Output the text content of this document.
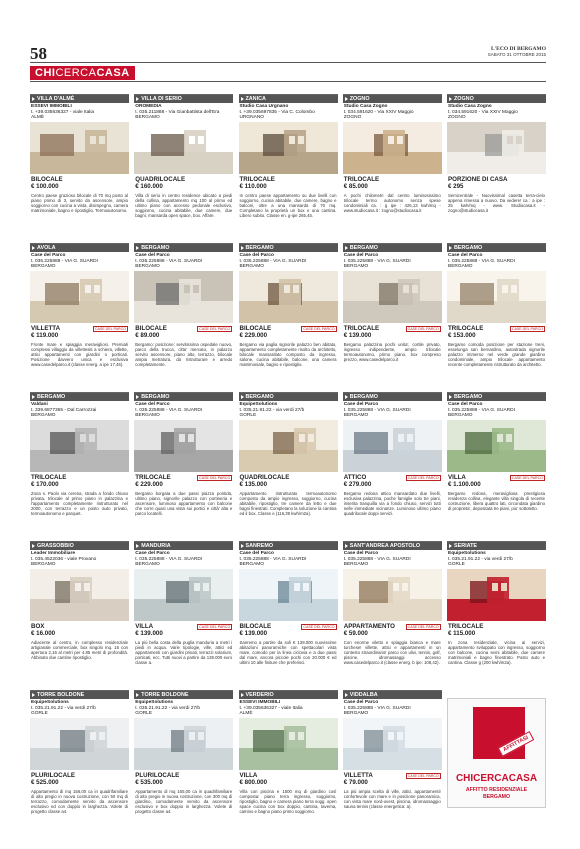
58	L'ECO DI BERGAMO
SABATO 31 OTTOBRE 2015
CHICERCACASA
VILLA D'ALMÈ
ESSEVI IMMOBILI
t. +39.035636327 - viale Italia
ALMÈ
BILOCALE
€ 100.000
Centro paese grazioso bilocale di 70 mq posto al piano primo di 3, servito da ascensore, ampio soggiorno con cucina a vista, disimpegno, camera matrimoniale, bagno e ripostiglio. Termoautonomo.
VILLA DI SERIO
OROMEDIA
t. 035.211888 - Via Gianbattista dell'Era
BERGAMO
QUADRILOCALE
€ 160.000
Villa di serio in centro residence ubicato a piedi della collina, appartamento mq 100 al primo ed ultimo piano con accesso pedonale esclusivo, soggiorno, cucina abitabile, due camere, due bagni, mansarda open space, box. Affare.
ZANICA
Studio Casa Urgnano
t. +39.035697835 - Via C. Colombo
URGNANO
TRILOCALE
€ 110.000
In centro paese appartamento su due livelli con soggiorno, cucina abitabile, due camere, bagno e balconi, oltre a una mansarda di 70 mq. Completano la proprietà un box e una cantina. Libero subito. Classe en. g-ipe 265,45.
ZOGNO
Studio Casa Zogno
t. 034.591620 - Via XXIV Maggio
ZOGNO
TRILOCALE
€ 85.000
A pochi chilometri dal centro luminosissimo trilocale termo autonomo senza spese condominiali ca. : g ipe : 426,13 kwh/mq - www.studiocasa.it : zogno@studiocasa.it
ZOGNO
Studio Casa Zogno
t. 034.591620 - Via XXIV Maggio
ZOGNO
PORZIONE DI CASA
€ 295
Semicentrale - Nuovissimal casetta terra-cielo appena rimessa a nuovo. Da vedere! ca : a ipe : 25 kwh/mq - www. Studiocasa.it - zogno@studiocasa.it
AVOLA
Case del Parco
t. 035.225888 - VIA G. SUARDI
BERGAMO
VILLETTA
€ 119.000
CASE DEL PARCO
Fronte mare e spiaggia meravigliosi. Premiati complessi villaggio da villettesiti a schiera, villette, attici appartamenti con giardini o porticati. Posizione davvero unica e esclusiva www.casedelparco.it (classe energ. a ipe 17,45).
BERGAMO
Case del Parco
t. 035.225888 - VIA G. SUARDI
BERGAMO
BILOCALE
€ 89.000
CASE DEL PARCO
Bergamo: posizione: servitissima ospedale nuovo, parco della trucca, citta' mercato, in palazzo servito ascensore, piano alto, terrazzo, bilocale ampia metratura, da ristrutturare e arredo completamente.
BERGAMO
Case del Parco
t. 035.225888 - VIA G. SUARDI
BERGAMO
BILOCALE
€ 229.000
CASE DEL PARCO
Bergamo via paglia signorile palazzo ben abitato, appartamento completamente risolto da architetto, bilocale mansardato composto da ingresso, salone, cucina abitabile, balcone, una camera matrimoniale, bagno e ripostiglio.
BERGAMO
Case del Parco
t. 035.225888 - VIA G. SUARDI
BERGAMO
TRILOCALE
€ 139.000
CASE DEL PARCO
Bergamo palazzina pochi unita', cortile privato, ingresso indipendente, ampio trilocale termoautonomo, primo piano, box compreso prezzo, www.casedelparco.it
BERGAMO
Case del Parco
t. 035.225888 - VIA G. SUARDI
BERGAMO
TRILOCALE
€ 153.000
CASE DEL PARCO
Bergamo comoda posizione per stazione treni, esselunga san bernardino, autostrada signorile palazzo immerso nel verde grande giardino condominiale, ampio trilocale appartamento recente completamente ristrutturato da architetto.
BERGAMO
Valdani
t. 339.6877365 - Dal Carrozzai
BERGAMO
TRILOCALE
€ 170.000
Zona s. Paolo via cerena, strada a fondo chiuso privata, trilocale al primo piano in palazzina e l'appartamento completamente ristrutturato nel 2000, con terrazzo e un posto auto privato, termoautonomo e parquet.
BERGAMO
Case del Parco
t. 035.225888 - VIA G. SUARDI
BERGAMO
TRILOCALE
€ 229.000
CASE DEL PARCO
Bergamo borgata a due passi piazza pontida, ultimo piano, signorile palazzo con portineria e ascensore, luminoso appartamento con balcone che corre quasi una vista sui portici e città' alta e parco locatelli.
BERGAMO
EquipeSolutions
t. 035.21.91.22 - via verdi 27/b
GORLE
QUADRILOCALE
€ 135.000
Appartamento ristrutturato termoautonomo composto da ampio ingresso, soggiorno, cucina abitabile, ripostiglio, tre camere da letto e due bagni finestrati. Completano la soluzione la cantina ed il box. Classe e (116,39 kwh/m2a).
BERGAMO
Case del Parco
t. 035.225888 - VIA G. SUARDI
BERGAMO
ATTICO
€ 279.000
CASE DEL PARCO
Bergamo redona attico mansardato due livelli, esclusiva palazzina, poche famiglie solo tre piani, inserita tranquilla via a fondo chiuso, servizi tutti nelle immediate vicinanze. Luminoso ultimo piano quadrilocale doppi servizi.
BERGAMO
Case del Parco
t. 035.225888 - VIA G. SUARDI
BERGAMO
VILLA
€ 1.100.000
CASE DEL PARCO
Bergamo redona, meravigliosa prestigiosa residenza collina, elegante villa singola di recente costruzione, libera quattro lati, circondata giardino di proprieta', depositata tre piani, piu' sottotetto.
GRASSOBBIO
Leader Immobiliare
t. 035.4522036 - viale Provano
BERGAMO
BOX
€ 16.000
Adiacente al centro, in complesso residenziale artigianale commerciale, box singolo mq. 16 con apertura 2,16 al metri per 4.85 metri di profondità. Abbinato due cantine ripostiglio.
MANDURIA
Case del Parco
t. 035.225888 - VIA G. SUARDI
BERGAMO
VILLA
€ 139.000
CASE DEL PARCO
La più bella costa della puglia manduria a metri i piedi in acqua. Varie tipologie, ville, attici ed appartamenti con giardini privati, terrazzi solarium, porticati, ecc. Tutti nuovi a partire da 139.000 euro classe a.
SANREMO
Case del Parco
t. 035.225888 - VIA G. SUARDI
BERGAMO
BILOCALE
€ 139.000
CASE DEL PARCO
Sanremo a partire da soli € 139.000 nuovissime abitazioni panoramiche con spettacolari vista mare, comodo per la linea ciclovia e a due passi dal mare, ancora piccole pochi con 20.000 € ed ultimi 10 alle finiture che preferisci.
SANT'ANDREA APOSTOLO
Case del Parco
t. 035.225888 - VIA G. SUARDI
BERGAMO
APPARTAMENTO
€ 59.000
CASE DEL PARCO
Con enorme viletto e spiaggia bianca e mare turchese! villette, attici e appartamenti in un contesto straordinario! parco con ulivi, tennis, golf, piscine, idromassaggi accesso www.casedelparco.it (classe energ. b ipe: 108,42).
SERIATE
EquipeSolutions
t. 035.21.91.22 - via verdi 27/b
GORLE
TRILOCALE
€ 115.000
In zona residenziale, vicina ai servizi, appartamento sviluppato con ingresso, soggiorno con balcone, cucina semi abitabile, due camere matrimoniali e bagno finestrato. Posto auto e cantina. Classe g (200 kwh/m2a).
TORRE BOLDONE
EquipeSolutions
t. 035.21.91.22 - via verdi 27/b
GORLE
PLURILOCALE
€ 525.000
Appartamento di mq 156,00 ca in quadrifamiliare di alto pregio in nuova costruzione, con 50 mq di terrazzo, comodamente servito da ascensore esclusivo ed con doppio in larghezza. Volete di progetto classe a4.
TORRE BOLDONE
EquipeSolutions
t. 035.21.91.22 - via verdi 27/b
GORLE
PLURILOCALE
€ 535.000
Appartamento di mq 165,00 ca in quadrifamiliare di alto pregio in nuova costruzione, con 300 mq di giardino, comodamente servito da ascensore esclusivo e box doppio in larghezza. Volete di progetto classe a4.
VERDERIO
ESSEVI IMMOBILI
t. +39.035636327 - viale Italia
ALMÈ
VILLA
€ 800.000
Villa con piscina e 1500 mq di giardino così composta: piano terra ingresso, soggiorno, ripostiglio, bagno e camera piano terra sogg. open space cucina con box doppio, cantina, taverna, camino e bagno piano primo soggiorno.
VIDDALBA
Case del Parco
t. 035.225888 - VIA G. SUARDI
BERGAMO
VILLETTA
€ 79.000
CASE DEL PARCO
La più ampia scelta di ville, attici, appartamenti! confortevole con mare e in posizione panoramica, con vista mare nord-ovest, piscina, idromassaggio sauna tennis (classe energetica: a).
AFFITTASI
CHICERCACASA
AFFITTO RESIDENZIALE
BERGAMO
